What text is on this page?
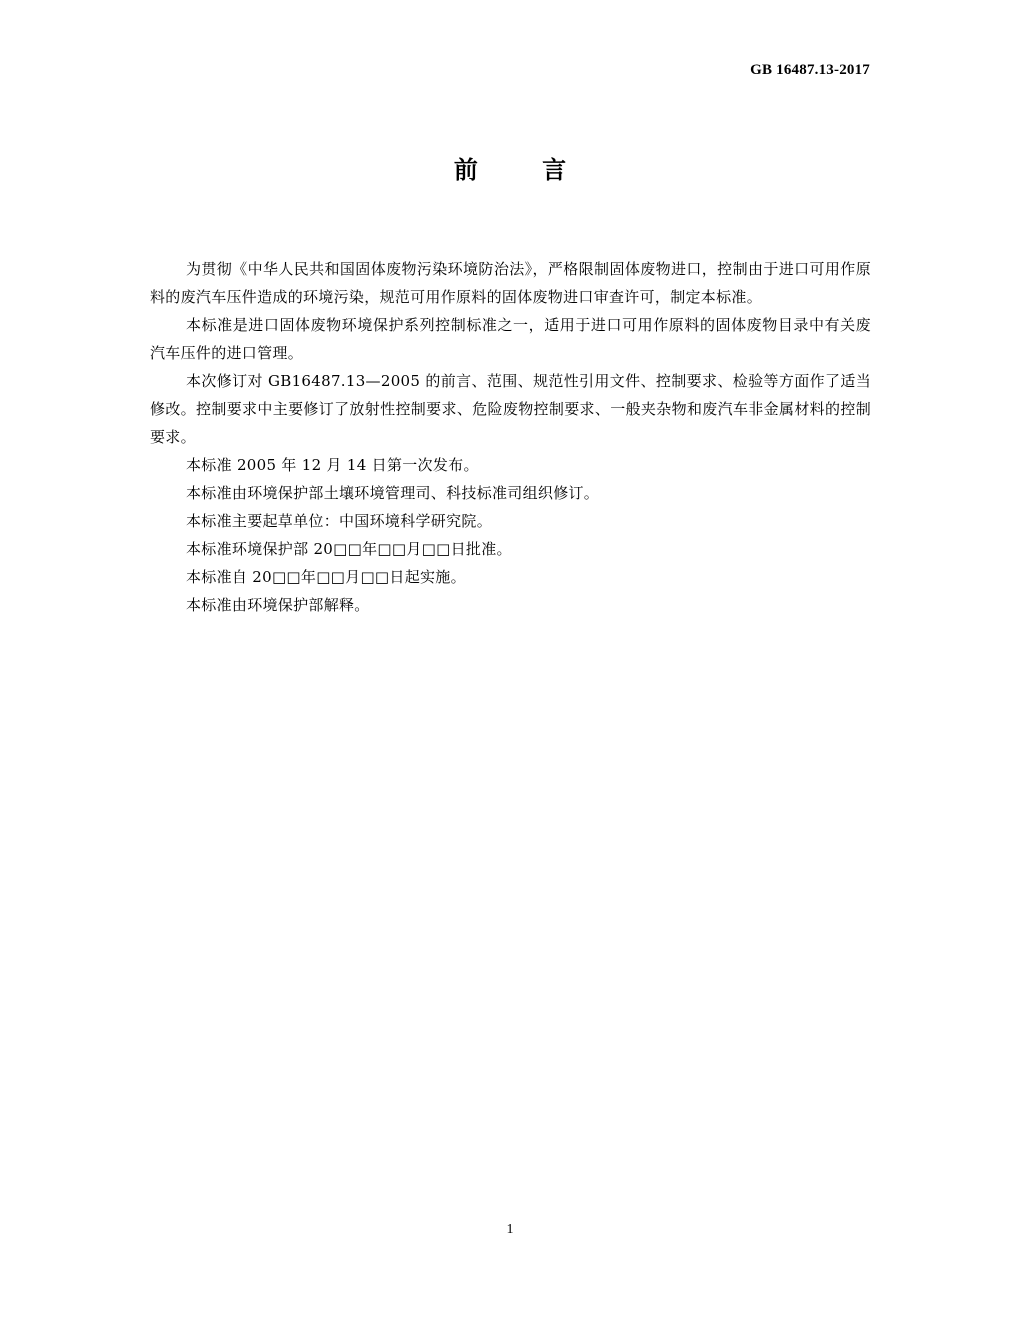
GB 16487.13-2017
前 言

为贯彻《中华人民共和国固体废物污染环境防治法》，严格限制固体废物进口，控制由于进口可用作原料的废汽车压件造成的环境污染，规范可用作原料的固体废物进口审查许可，制定本标准。

本标准是进口固体废物环境保护系列控制标准之一，适用于进口可用作原料的固体废物目录中有关废汽车压件的进口管理。

本次修订对 GB16487.13—2005 的前言、范围、规范性引用文件、控制要求、检验等方面作了适当修改。控制要求中主要修订了放射性控制要求、危险废物控制要求、一般夹杂物和废汽车非金属材料的控制要求。

本标准 2005 年 12 月 14 日第一次发布。

本标准由环境保护部土壤环境管理司、科技标准司组织修订。

本标准主要起草单位：中国环境科学研究院。

本标准环境保护部 20□□年□□月□□日批准。

本标准自 20□□年□□月□□日起实施。

本标准由环境保护部解释。

1
